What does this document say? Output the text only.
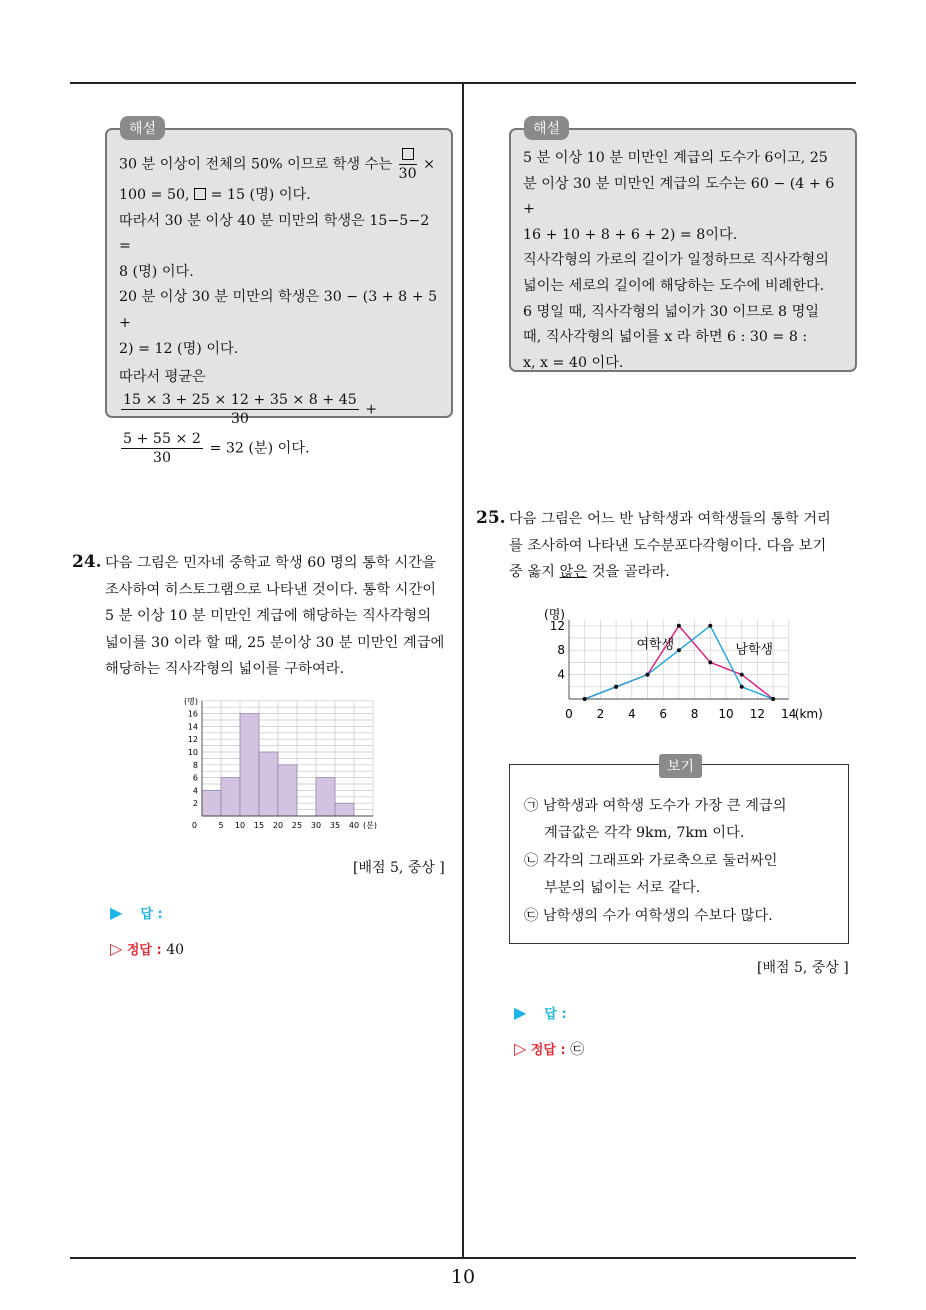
10

30 분 이상이 전체의 50% 이므로 학생 수는
30
×

100 = 50, = 15 (명) 이다.

따라서 30 분 이상 40 분 미만의 학생은 15−5−2 =

8 (명) 이다.

20 분 이상 30 분 미만의 학생은 30 − (3 + 8 + 5 +

2) = 12 (명) 이다.

따라서 평균은
$\frac{15 \times 3 + 25 \times 12 + 35 \times 8 + 45}{30}$ +

$\frac{5 + 55 \times 2}{30} = 32$ (분) 이다.

해설

5 분 이상 10 분 미만인 계급의 도수가 6이고, 25

분 이상 30 분 미만인 계급의 도수는 60 − (4 + 6 +

16 + 10 + 8 + 6 + 2) = 8이다.

직사각형의 가로의 길이가 일정하므로 직사각형의

넓이는 세로의 길이에 해당하는 도수에 비례한다.

6 명일 때, 직사각형의 넓이가 30 이므로 8 명일

때, 직사각형의 넓이를 x 라 하면 6 : 30 = 8 :

x, x = 40 이다.

해설
24. 다음 그림은 민자네 중학교 학생 60 명의 통학 시간을

조사하여 히스토그램으로 나타낸 것이다. 통학 시간이

5 분 이상 10 분 미만인 계급에 해당하는 직사각형의

넓이를 30 이라 할 때, 25 분이상 30 분 미만인 계급에

해당하는 직사각형의 넓이를 구하여라.

2
4
6
8
10
12
14
16
(명)
0	5 10 15 20 25 30 35 40 (분)
[배점 5, 중상 ]
▶ 답 :
▷ 정답 : 40
25. 다음 그림은 어느 반 남학생과 여학생들의 통학 거리

를 조사하여 나타낸 도수분포다각형이다. 다음 보기

중 옳지 않은 것을 골라라.

4
8
12
(명)
0 2 4 6 8 10 12 14
(km)
여학생	남학생
보기

㉠ 남학생과 여학생 도수가 가장 큰 계급의

계급값은 각각 9km, 7km 이다.

㉡ 각각의 그래프와 가로축으로 둘러싸인

부분의 넓이는 서로 같다.

㉢ 남학생의 수가 여학생의 수보다 많다.

[배점 5, 중상 ]
▶ 답 :
▷ 정답 : ㉢
